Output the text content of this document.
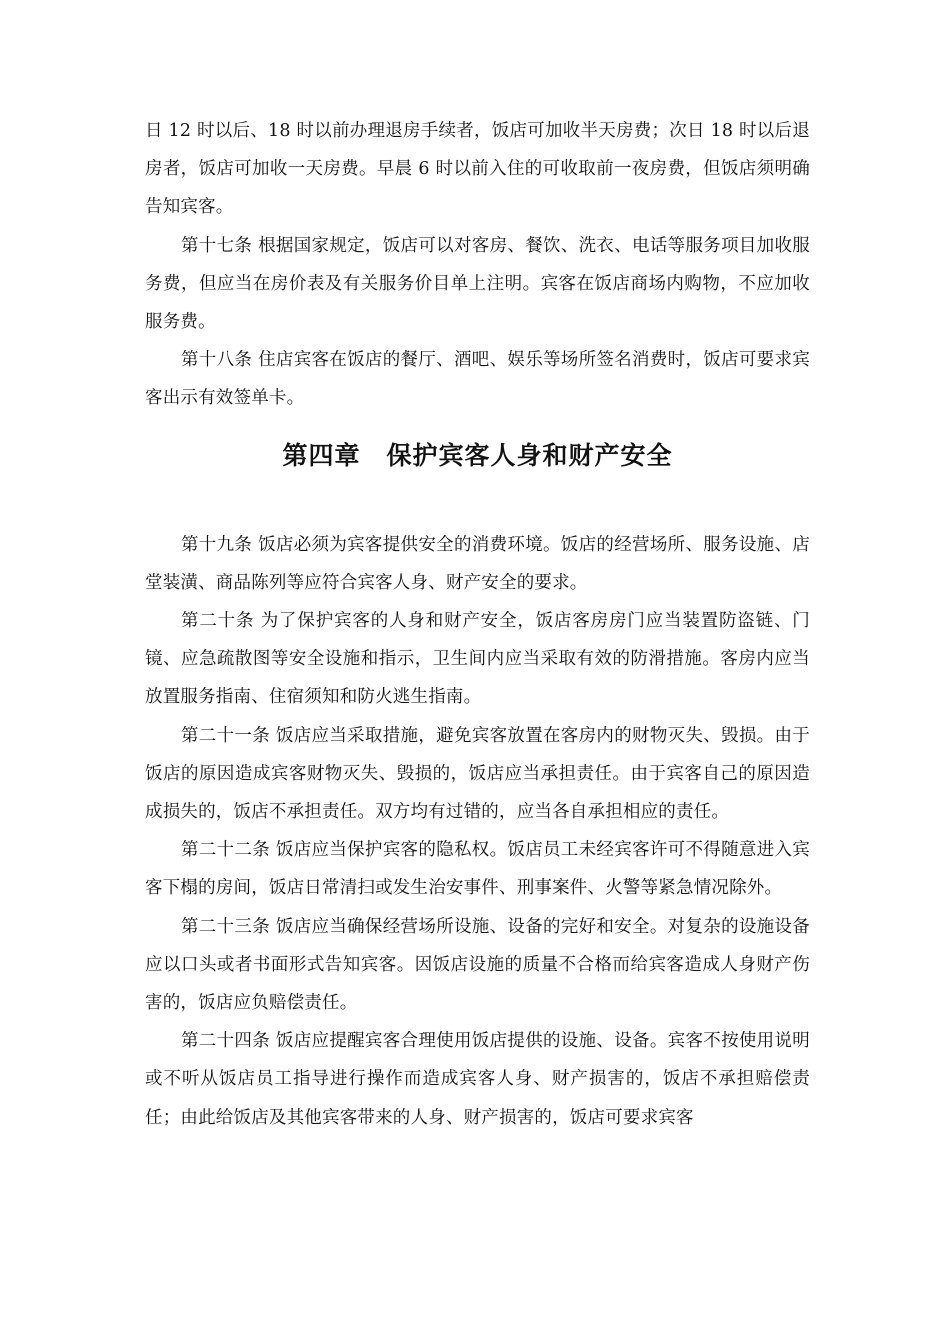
日 12 时以后、18 时以前办理退房手续者，饭店可加收半天房费；次日 18 时以后退房者，饭店可加收一天房费。早晨 6 时以前入住的可收取前一夜房费，但饭店须明确告知宾客。

第十七条 根据国家规定，饭店可以对客房、餐饮、洗衣、电话等服务项目加收服务费，但应当在房价表及有关服务价目单上注明。宾客在饭店商场内购物，不应加收服务费。

第十八条 住店宾客在饭店的餐厅、酒吧、娱乐等场所签名消费时，饭店可要求宾客出示有效签单卡。

第四章 保护宾客人身和财产安全

第十九条 饭店必须为宾客提供安全的消费环境。饭店的经营场所、服务设施、店堂装潢、商品陈列等应符合宾客人身、财产安全的要求。

第二十条 为了保护宾客的人身和财产安全，饭店客房房门应当装置防盗链、门镜、应急疏散图等安全设施和指示，卫生间内应当采取有效的防滑措施。客房内应当放置服务指南、住宿须知和防火逃生指南。

第二十一条 饭店应当采取措施，避免宾客放置在客房内的财物灭失、毁损。由于饭店的原因造成宾客财物灭失、毁损的，饭店应当承担责任。由于宾客自己的原因造成损失的，饭店不承担责任。双方均有过错的，应当各自承担相应的责任。

第二十二条 饭店应当保护宾客的隐私权。饭店员工未经宾客许可不得随意进入宾客下榻的房间，饭店日常清扫或发生治安事件、刑事案件、火警等紧急情况除外。

第二十三条 饭店应当确保经营场所设施、设备的完好和安全。对复杂的设施设备应以口头或者书面形式告知宾客。因饭店设施的质量不合格而给宾客造成人身财产伤害的，饭店应负赔偿责任。

第二十四条 饭店应提醒宾客合理使用饭店提供的设施、设备。宾客不按使用说明或不听从饭店员工指导进行操作而造成宾客人身、财产损害的，饭店不承担赔偿责任；由此给饭店及其他宾客带来的人身、财产损害的，饭店可要求宾客
